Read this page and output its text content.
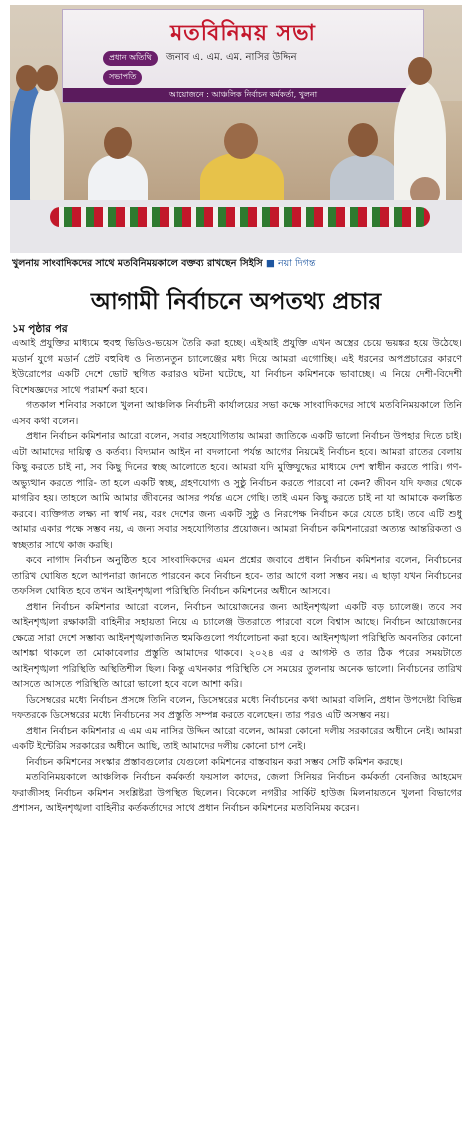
মতবিনিময় সভা
প্রধান অতিথি জনাব এ. এম. এম. নাসির উদ্দিন
সভাপতি
আয়োজনে : আঞ্চলিক নির্বাচন কর্মকর্তা, খুলনা
খুলনায় সাংবাদিকদের সাথে মতবিনিময়কালে বক্তব্য রাখছেন সিইসি ■ নয়া দিগন্ত
আগামী নির্বাচনে অপতথ্য প্রচার
১ম পৃষ্ঠার পর

এআই প্রযুক্তির মাধ্যমে হুবহু ভিডিও-ভয়েস তৈরি করা হচ্ছে। এইআই প্রযুক্তি এখন অস্ত্রের চেয়ে ভয়ঙ্কর হয়ে উঠেছে। মডার্ন যুগে মডার্ন প্রেট বহুবিধ ও নিত্যনতুন চ্যালেঞ্জের মধ্য দিয়ে আমরা এগোচ্ছি। এই ধরনের অপপ্রচারের কারণে ইউরোপের একটি দেশে ভোট স্থগিত করারও ঘটনা ঘটেছে, যা নির্বাচন কমিশনকে ভাবাচ্ছে। এ নিয়ে দেশী-বিদেশী বিশেষজ্ঞদের সাথে পরামর্শ করা হবে।

গতকাল শনিবার সকালে খুলনা আঞ্চলিক নির্বাচনী কার্যালয়ের সভা কক্ষে সাংবাদিকদের সাথে মতবিনিময়কালে তিনি এসব কথা বলেন।

প্রধান নির্বাচন কমিশনার আরো বলেন, সবার সহযোগিতায় আমরা জাতিকে একটি ভালো নির্বাচন উপহার দিতে চাই। এটা আমাদের দায়িত্ব ও কর্তব্য। বিদ্যমান আইন না বদলানো পর্যন্ত আগের নিয়মেই নির্বাচন হবে। আমরা রাতের বেলায় কিছু করতে চাই না, সব কিছু দিনের স্বচ্ছ আলোতে হবে। আমরা যদি মুক্তিযুদ্ধের মাধ্যমে দেশ স্বাধীন করতে পারি। গণ-অভ্যুত্থান করতে পারি- তা হলে একটি স্বচ্ছ, গ্রহণযোগ্য ও সুষ্ঠু নির্বাচন করতে পারবো না কেন? জীবন যদি ফজর থেকে মাগরিব হয়। তাহলে আমি আমার জীবনের আসর পর্যন্ত এসে গেছি। তাই এমন কিছু করতে চাই না যা আমাকে কলঙ্কিত করবে। ব্যক্তিগত লক্ষ্য না স্বার্থ নয়, বরং দেশের জন্য একটি সুষ্ঠু ও নিরপেক্ষ নির্বাচন করে যেতে চাই। তবে এটি শুধু আমার একার পক্ষে সম্ভব নয়, এ জন্য সবার সহযোগিতার প্রয়োজন। আমরা নির্বাচন কমিশনারেরা অত্যন্ত আন্তরিকতা ও স্বচ্ছতার সাথে কাজ করছি।

কবে নাগাদ নির্বাচন অনুষ্ঠিত হবে সাংবাদিকদের এমন প্রশ্নের জবাবে প্রধান নির্বাচন কমিশনার বলেন, নির্বাচনের তারিখ ঘোষিত হলে আপনারা জানতে পারবেন কবে নির্বাচন হবে- তার আগে বলা সম্ভব নয়। এ ছাড়া যখন নির্বাচনের তফসিল ঘোষিত হবে তখন আইনশৃঙ্খলা পরিস্থিতি নির্বাচন কমিশনের অধীনে আসবে।

প্রধান নির্বাচন কমিশনার আরো বলেন, নির্বাচন আয়োজনের জন্য আইনশৃঙ্খলা একটি বড় চ্যালেঞ্জ। তবে সব আইনশৃঙ্খলা রক্ষাকারী বাহিনীর সহায়তা নিয়ে এ চ্যালেঞ্জ উতরাতে পারবো বলে বিশ্বাস আছে। নির্বাচন আয়োজনের ক্ষেত্রে সারা দেশে সম্ভাব্য আইনশৃঙ্খলাজনিত হুমকিগুলো পর্যালোচনা করা হবে। আইনশৃঙ্খলা পরিস্থিতি অবনতির কোনো আশঙ্কা থাকলে তা মোকাবেলার প্রস্তুতি আমাদের থাকবে। ২০২৪ এর ৫ আগস্ট ও তার ঠিক পরের সময়টাতে আইনশৃঙ্খলা পরিস্থিতি অস্থিতিশীল ছিল। কিন্তু এখনকার পরিস্থিতি সে সময়ের তুলনায় অনেক ভালো। নির্বাচনের তারিখ আসতে আসতে পরিস্থিতি আরো ভালো হবে বলে আশা করি।

ডিসেম্বরের মধ্যে নির্বাচন প্রসঙ্গে তিনি বলেন, ডিসেম্বরের মধ্যে নির্বাচনের কথা আমরা বলিনি, প্রধান উপদেষ্টা বিভিন্ন দফতরকে ডিসেম্বরের মধ্যে নির্বাচনের সব প্রস্তুতি সম্পন্ন করতে বলেছেন। তার পরও এটি অসম্ভব নয়।

প্রধান নির্বাচন কমিশনার এ এম এম নাসির উদ্দিন আরো বলেন, আমরা কোনো দলীয় সরকারের অধীনে নেই। আমরা একটি ইন্টেরিম সরকারের অধীনে আছি, তাই আমাদের দলীয় কোনো চাপ নেই।

নির্বাচন কমিশনের সংস্কার প্রস্তাবগুলোর যেগুলো কমিশনের বাস্তবায়ন করা সম্ভব সেটি কমিশন করছে।

মতবিনিময়কালে আঞ্চলিক নির্বাচন কর্মকর্তা ফয়সাল কাদের, জেলা সিনিয়র নির্বাচন কর্মকর্তা বেনজির আহমেদ ফরাজীসহ নির্বাচন কমিশন সংশ্লিষ্টরা উপস্থিত ছিলেন। বিকেলে নগরীর সার্কিট হাউজ মিলনায়তনে খুলনা বিভাগের প্রশাসন, আইনশৃঙ্খলা বাহিনীর কর্তকর্তাদের সাথে প্রধান নির্বাচন কমিশনের মতবিনিময় করেন।
